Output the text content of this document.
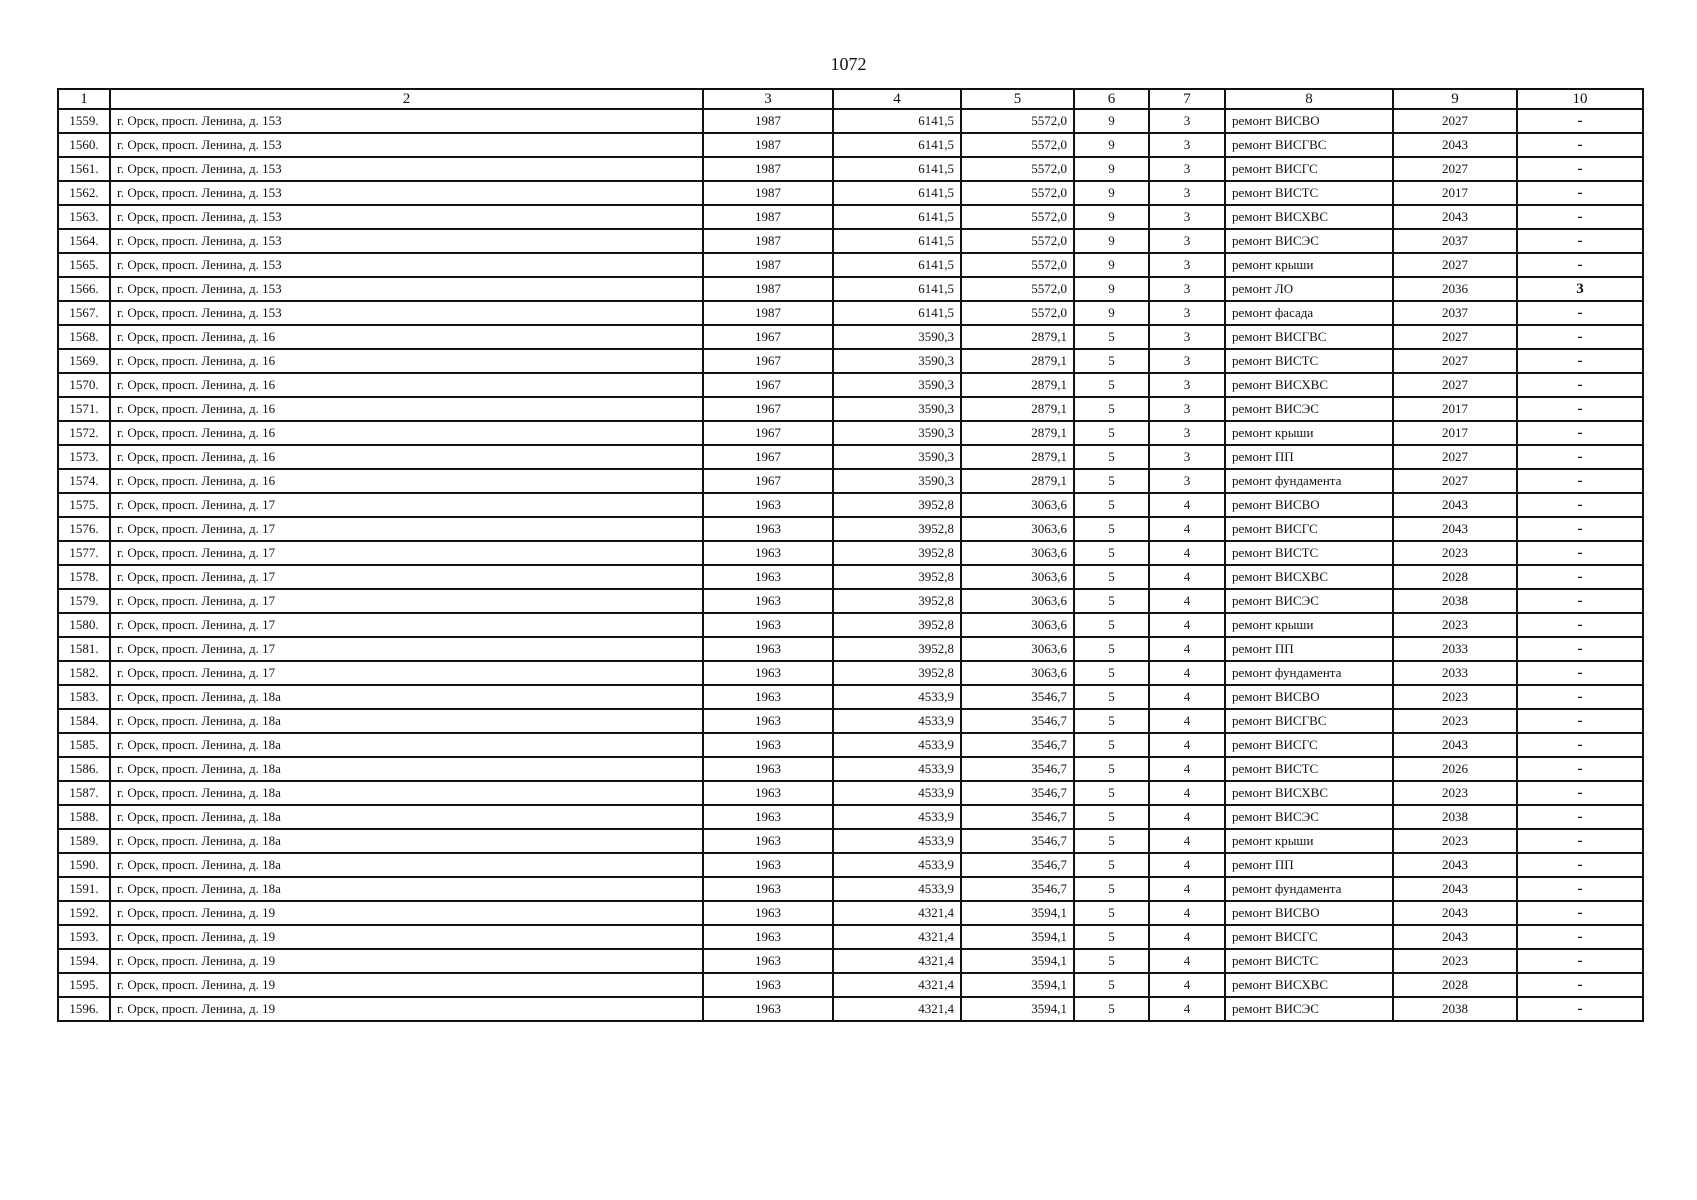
1072
1	2	3	4	5	6	7	8	9	10
1559.	г. Орск, просп. Ленина, д. 153	1987	6141,5	5572,0	9	3	ремонт ВИСВО	2027	-
1560.	г. Орск, просп. Ленина, д. 153	1987	6141,5	5572,0	9	3	ремонт ВИСГВС	2043	-
1561.	г. Орск, просп. Ленина, д. 153	1987	6141,5	5572,0	9	3	ремонт ВИСГС	2027	-
1562.	г. Орск, просп. Ленина, д. 153	1987	6141,5	5572,0	9	3	ремонт ВИСТС	2017	-
1563.	г. Орск, просп. Ленина, д. 153	1987	6141,5	5572,0	9	3	ремонт ВИСХВС	2043	-
1564.	г. Орск, просп. Ленина, д. 153	1987	6141,5	5572,0	9	3	ремонт ВИСЭС	2037	-
1565.	г. Орск, просп. Ленина, д. 153	1987	6141,5	5572,0	9	3	ремонт крыши	2027	-
1566.	г. Орск, просп. Ленина, д. 153	1987	6141,5	5572,0	9	3	ремонт ЛО	2036	3
1567.	г. Орск, просп. Ленина, д. 153	1987	6141,5	5572,0	9	3	ремонт фасада	2037	-
1568.	г. Орск, просп. Ленина, д. 16	1967	3590,3	2879,1	5	3	ремонт ВИСГВС	2027	-
1569.	г. Орск, просп. Ленина, д. 16	1967	3590,3	2879,1	5	3	ремонт ВИСТС	2027	-
1570.	г. Орск, просп. Ленина, д. 16	1967	3590,3	2879,1	5	3	ремонт ВИСХВС	2027	-
1571.	г. Орск, просп. Ленина, д. 16	1967	3590,3	2879,1	5	3	ремонт ВИСЭС	2017	-
1572.	г. Орск, просп. Ленина, д. 16	1967	3590,3	2879,1	5	3	ремонт крыши	2017	-
1573.	г. Орск, просп. Ленина, д. 16	1967	3590,3	2879,1	5	3	ремонт ПП	2027	-
1574.	г. Орск, просп. Ленина, д. 16	1967	3590,3	2879,1	5	3	ремонт фундамента	2027	-
1575.	г. Орск, просп. Ленина, д. 17	1963	3952,8	3063,6	5	4	ремонт ВИСВО	2043	-
1576.	г. Орск, просп. Ленина, д. 17	1963	3952,8	3063,6	5	4	ремонт ВИСГС	2043	-
1577.	г. Орск, просп. Ленина, д. 17	1963	3952,8	3063,6	5	4	ремонт ВИСТС	2023	-
1578.	г. Орск, просп. Ленина, д. 17	1963	3952,8	3063,6	5	4	ремонт ВИСХВС	2028	-
1579.	г. Орск, просп. Ленина, д. 17	1963	3952,8	3063,6	5	4	ремонт ВИСЭС	2038	-
1580.	г. Орск, просп. Ленина, д. 17	1963	3952,8	3063,6	5	4	ремонт крыши	2023	-
1581.	г. Орск, просп. Ленина, д. 17	1963	3952,8	3063,6	5	4	ремонт ПП	2033	-
1582.	г. Орск, просп. Ленина, д. 17	1963	3952,8	3063,6	5	4	ремонт фундамента	2033	-
1583.	г. Орск, просп. Ленина, д. 18а	1963	4533,9	3546,7	5	4	ремонт ВИСВО	2023	-
1584.	г. Орск, просп. Ленина, д. 18а	1963	4533,9	3546,7	5	4	ремонт ВИСГВС	2023	-
1585.	г. Орск, просп. Ленина, д. 18а	1963	4533,9	3546,7	5	4	ремонт ВИСГС	2043	-
1586.	г. Орск, просп. Ленина, д. 18а	1963	4533,9	3546,7	5	4	ремонт ВИСТС	2026	-
1587.	г. Орск, просп. Ленина, д. 18а	1963	4533,9	3546,7	5	4	ремонт ВИСХВС	2023	-
1588.	г. Орск, просп. Ленина, д. 18а	1963	4533,9	3546,7	5	4	ремонт ВИСЭС	2038	-
1589.	г. Орск, просп. Ленина, д. 18а	1963	4533,9	3546,7	5	4	ремонт крыши	2023	-
1590.	г. Орск, просп. Ленина, д. 18а	1963	4533,9	3546,7	5	4	ремонт ПП	2043	-
1591.	г. Орск, просп. Ленина, д. 18а	1963	4533,9	3546,7	5	4	ремонт фундамента	2043	-
1592.	г. Орск, просп. Ленина, д. 19	1963	4321,4	3594,1	5	4	ремонт ВИСВО	2043	-
1593.	г. Орск, просп. Ленина, д. 19	1963	4321,4	3594,1	5	4	ремонт ВИСГС	2043	-
1594.	г. Орск, просп. Ленина, д. 19	1963	4321,4	3594,1	5	4	ремонт ВИСТС	2023	-
1595.	г. Орск, просп. Ленина, д. 19	1963	4321,4	3594,1	5	4	ремонт ВИСХВС	2028	-
1596.	г. Орск, просп. Ленина, д. 19	1963	4321,4	3594,1	5	4	ремонт ВИСЭС	2038	-
